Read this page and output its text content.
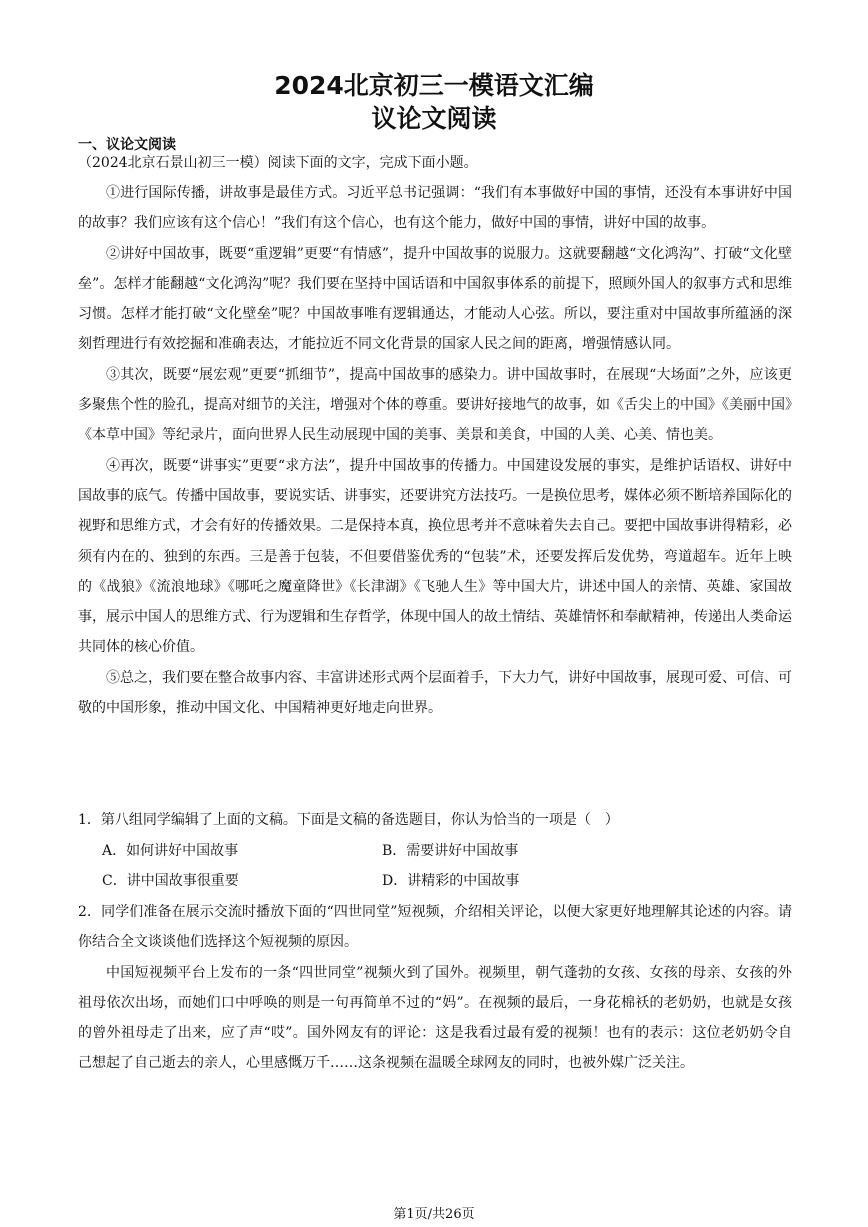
2024北京初三一模语文汇编
议论文阅读
一、议论文阅读
（2024北京石景山初三一模）阅读下面的文字，完成下面小题。

①进行国际传播，讲故事是最佳方式。习近平总书记强调：“我们有本事做好中国的事情，还没有本事讲好中国的故事？我们应该有这个信心！”我们有这个信心，也有这个能力，做好中国的事情，讲好中国的故事。

②讲好中国故事，既要“重逻辑”更要“有情感”，提升中国故事的说服力。这就要翻越“文化鸿沟”、打破“文化壁垒”。怎样才能翻越“文化鸿沟”呢？我们要在坚持中国话语和中国叙事体系的前提下，照顾外国人的叙事方式和思维习惯。怎样才能打破“文化壁垒”呢？中国故事唯有逻辑通达，才能动人心弦。所以，要注重对中国故事所蕴涵的深刻哲理进行有效挖掘和准确表达，才能拉近不同文化背景的国家人民之间的距离，增强情感认同。

③其次，既要“展宏观”更要“抓细节”，提高中国故事的感染力。讲中国故事时，在展现“大场面”之外，应该更多聚焦个性的脸孔，提高对细节的关注，增强对个体的尊重。要讲好接地气的故事，如《舌尖上的中国》《美丽中国》《本草中国》等纪录片，面向世界人民生动展现中国的美事、美景和美食，中国的人美、心美、情也美。

④再次，既要“讲事实”更要“求方法”，提升中国故事的传播力。中国建设发展的事实，是维护话语权、讲好中国故事的底气。传播中国故事，要说实话、讲事实，还要讲究方法技巧。一是换位思考，媒体必须不断培养国际化的视野和思维方式，才会有好的传播效果。二是保持本真，换位思考并不意味着失去自己。要把中国故事讲得精彩，必须有内在的、独到的东西。三是善于包装，不但要借鉴优秀的“包装”术，还要发挥后发优势，弯道超车。近年上映的《战狼》《流浪地球》《哪吒之魔童降世》《长津湖》《飞驰人生》等中国大片，讲述中国人的亲情、英雄、家国故事，展示中国人的思维方式、行为逻辑和生存哲学，体现中国人的故土情结、英雄情怀和奉献精神，传递出人类命运共同体的核心价值。

⑤总之，我们要在整合故事内容、丰富讲述形式两个层面着手，下大力气，讲好中国故事，展现可爱、可信、可敬的中国形象，推动中国文化、中国精神更好地走向世界。

1．第八组同学编辑了上面的文稿。下面是文稿的备选题目，你认为恰当的一项是（　）

A．如何讲好中国故事	B．需要讲好中国故事
C．讲中国故事很重要	D．讲精彩的中国故事

2．同学们准备在展示交流时播放下面的“四世同堂”短视频，介绍相关评论，以便大家更好地理解其论述的内容。请你结合全文谈谈他们选择这个短视频的原因。

中国短视频平台上发布的一条“四世同堂”视频火到了国外。视频里，朝气蓬勃的女孩、女孩的母亲、女孩的外祖母依次出场，而她们口中呼唤的则是一句再简单不过的“妈”。在视频的最后，一身花棉袄的老奶奶，也就是女孩的曾外祖母走了出来，应了声“哎”。国外网友有的评论：这是我看过最有爱的视频！也有的表示：这位老奶奶令自己想起了自己逝去的亲人，心里感慨万千……这条视频在温暖全球网友的同时，也被外媒广泛关注。

第1页/共26页
